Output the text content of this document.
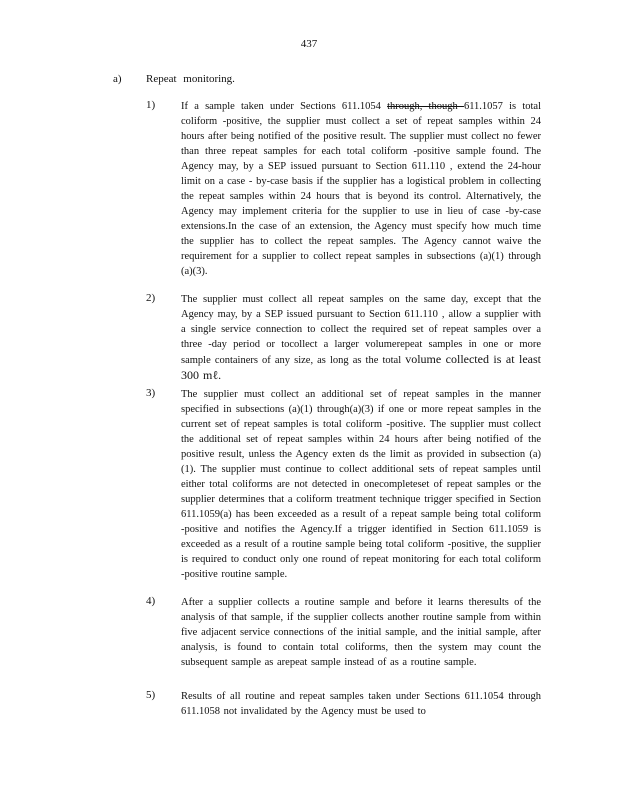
437
a) Repeat monitoring.
1) If a sample taken under Sections 611.1054 through, though 611.1057 is total coliform -positive, the supplier must collect a set of repeat samples within 24 hours after being notified of the positive result. The supplier must collect no fewer than three repeat samples for each total coliform -positive sample found. The Agency may, by a SEP issued pursuant to Section 611.110 , extend the 24-hour limit on a case - by-case basis if the supplier has a logistical problem in collecting the repeat samples within 24 hours that is beyond its control. Alternatively, the Agency may implement criteria for the supplier to use in lieu of case -by-case extensions.In the case of an extension, the Agency must specify how much time the supplier has to collect the repeat samples. The Agency cannot waive the requirement for a supplier to collect repeat samples in subsections (a)(1) through (a)(3).
2) The supplier must collect all repeat samples on the same day, except that the Agency may, by a SEP issued pursuant to Section 611.110 , allow a supplier with a single service connection to collect the required set of repeat samples over a three -day period or tocollect a larger volumerepeat samples in one or more sample containers of any size, as long as the total volume collected is at least 300 mℓ.
3) The supplier must collect an additional set of repeat samples in the manner specified in subsections (a)(1) through(a)(3) if one or more repeat samples in the current set of repeat samples is total coliform -positive. The supplier must collect the additional set of repeat samples within 24 hours after being notified of the positive result, unless the Agency exten ds the limit as provided in subsection (a)(1). The supplier must continue to collect additional sets of repeat samples until either total coliforms are not detected in onecompleteset of repeat samples or the supplier determines that a coliform treatment technique trigger specified in Section 611.1059(a) has been exceeded as a result of a repeat sample being total coliform -positive and notifies the Agency.If a trigger identified in Section 611.1059 is exceeded as a result of a routine sample being total coliform -positive, the supplier is required to conduct only one round of repeat monitoring for each total coliform -positive routine sample.
4) After a supplier collects a routine sample and before it learns theresults of the analysis of that sample, if the supplier collects another routine sample from within five adjacent service connections of the initial sample, and the initial sample, after analysis, is found to contain total coliforms, then the system may count the subsequent sample as arepeat sample instead of as a routine sample.
5) Results of all routine and repeat samples taken under Sections 611.1054 through 611.1058 not invalidated by the Agency must be used to
